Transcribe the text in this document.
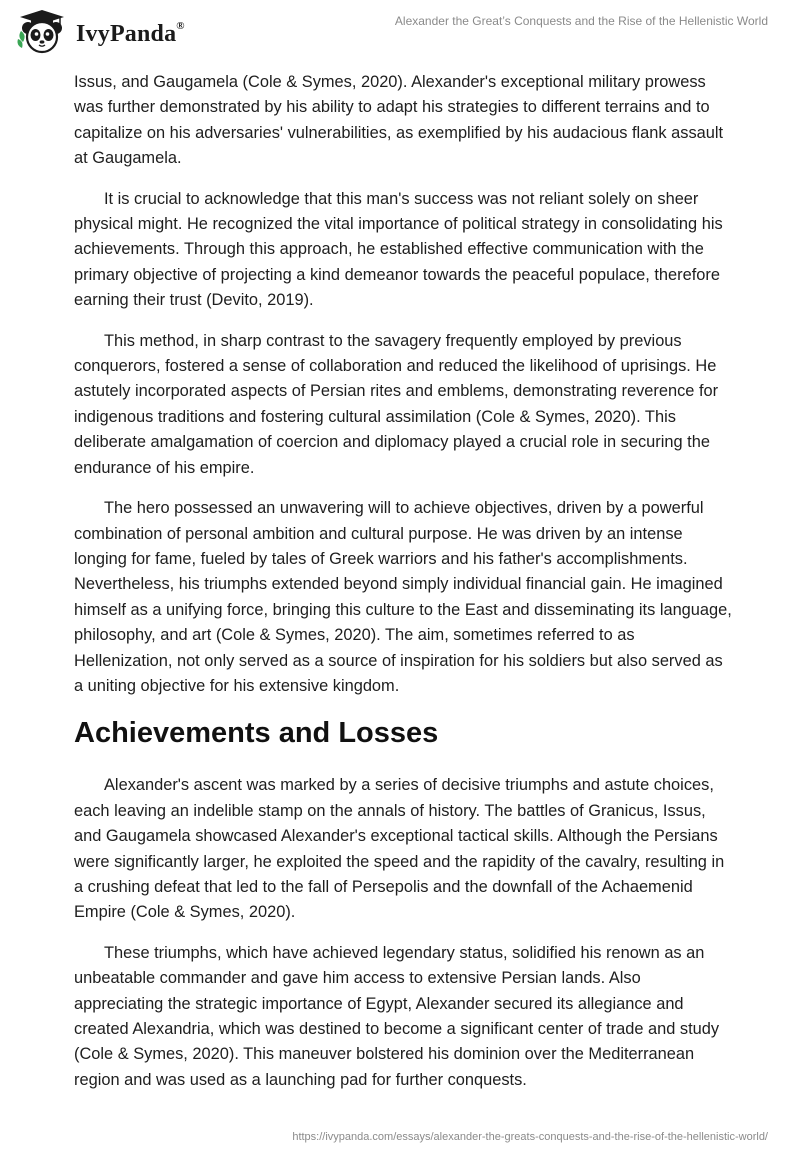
IvyPanda®	Alexander the Great’s Conquests and the Rise of the Hellenistic World

Issus, and Gaugamela (Cole & Symes, 2020). Alexander's exceptional military prowess was further demonstrated by his ability to adapt his strategies to different terrains and to capitalize on his adversaries' vulnerabilities, as exemplified by his audacious flank assault at Gaugamela.

It is crucial to acknowledge that this man's success was not reliant solely on sheer physical might. He recognized the vital importance of political strategy in consolidating his achievements. Through this approach, he established effective communication with the primary objective of projecting a kind demeanor towards the peaceful populace, therefore earning their trust (Devito, 2019).

This method, in sharp contrast to the savagery frequently employed by previous conquerors, fostered a sense of collaboration and reduced the likelihood of uprisings. He astutely incorporated aspects of Persian rites and emblems, demonstrating reverence for indigenous traditions and fostering cultural assimilation (Cole & Symes, 2020). This deliberate amalgamation of coercion and diplomacy played a crucial role in securing the endurance of his empire.

The hero possessed an unwavering will to achieve objectives, driven by a powerful combination of personal ambition and cultural purpose. He was driven by an intense longing for fame, fueled by tales of Greek warriors and his father's accomplishments. Nevertheless, his triumphs extended beyond simply individual financial gain. He imagined himself as a unifying force, bringing this culture to the East and disseminating its language, philosophy, and art (Cole & Symes, 2020). The aim, sometimes referred to as Hellenization, not only served as a source of inspiration for his soldiers but also served as a uniting objective for his extensive kingdom.

Achievements and Losses

Alexander's ascent was marked by a series of decisive triumphs and astute choices, each leaving an indelible stamp on the annals of history. The battles of Granicus, Issus, and Gaugamela showcased Alexander's exceptional tactical skills. Although the Persians were significantly larger, he exploited the speed and the rapidity of the cavalry, resulting in a crushing defeat that led to the fall of Persepolis and the downfall of the Achaemenid Empire (Cole & Symes, 2020).

These triumphs, which have achieved legendary status, solidified his renown as an unbeatable commander and gave him access to extensive Persian lands. Also appreciating the strategic importance of Egypt, Alexander secured its allegiance and created Alexandria, which was destined to become a significant center of trade and study (Cole & Symes, 2020). This maneuver bolstered his dominion over the Mediterranean region and was used as a launching pad for further conquests.

https://ivypanda.com/essays/alexander-the-greats-conquests-and-the-rise-of-the-hellenistic-world/
